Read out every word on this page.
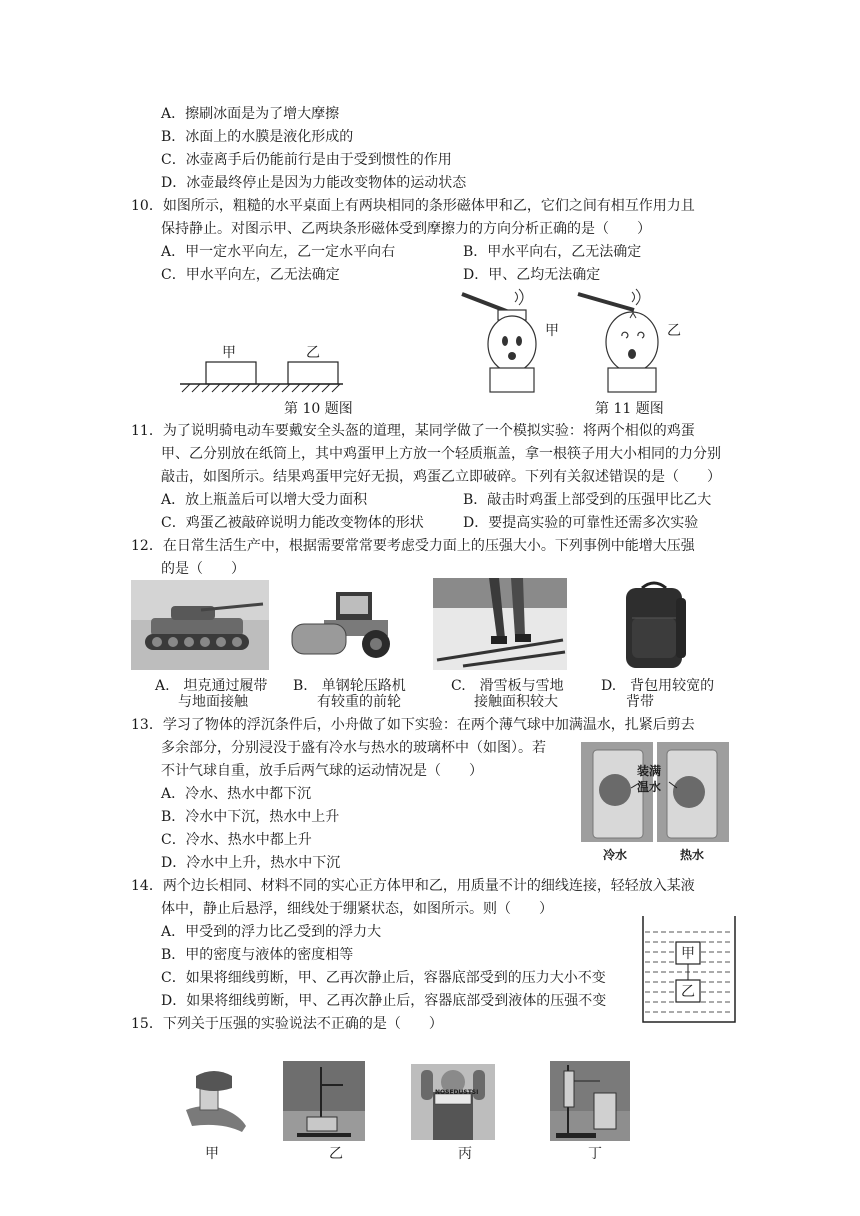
A．擦刷冰面是为了增大摩擦
B．冰面上的水膜是液化形成的
C．冰壶离手后仍能前行是由于受到惯性的作用
D．冰壶最终停止是因为力能改变物体的运动状态
10．如图所示，粗糙的水平桌面上有两块相同的条形磁体甲和乙，它们之间有相互作用力且
保持静止。对图示甲、乙两块条形磁体受到摩擦力的方向分析正确的是（　　）
A．甲一定水平向左，乙一定水平向右	B．甲水平向右，乙无法确定
C．甲水平向左，乙无法确定	D．甲、乙均无法确定
甲	乙
第 10 题图
甲	乙
第 11 题图
11．为了说明骑电动车要戴安全头盔的道理，某同学做了一个模拟实验：将两个相似的鸡蛋
甲、乙分别放在纸筒上，其中鸡蛋甲上方放一个轻质瓶盖，拿一根筷子用大小相同的力分别
敲击，如图所示。结果鸡蛋甲完好无损，鸡蛋乙立即破碎。下列有关叙述错误的是（　　）
A．放上瓶盖后可以增大受力面积	B．敲击时鸡蛋上部受到的压强甲比乙大
C．鸡蛋乙被敲碎说明力能改变物体的形状	D．要提高实验的可靠性还需多次实验
12．在日常生活生产中，根据需要常常要考虑受力面上的压强大小。下列事例中能增大压强
的是（　　）
A.　坦克通过履带
与地面接触
B.　单钢轮压路机
有较重的前轮
C.　滑雪板与雪地
接触面积较大
D.　背包用较宽的
背带
13．学习了物体的浮沉条件后，小舟做了如下实验：在两个薄气球中加满温水，扎紧后剪去
多余部分，分别浸没于盛有冷水与热水的玻璃杯中（如图）。若
不计气球自重，放手后两气球的运动情况是（　　）
A．冷水、热水中都下沉
B．冷水中下沉，热水中上升
C．冷水、热水中都上升
D．冷水中上升，热水中下沉
装满
温水
冷水	热水
14．两个边长相同、材料不同的实心正方体甲和乙，用质量不计的细线连接，轻轻放入某液
体中，静止后悬浮，细线处于绷紧状态，如图所示。则（　　）
A．甲受到的浮力比乙受到的浮力大
B．甲的密度与液体的密度相等
C．如果将细线剪断，甲、乙再次静止后，容器底部受到的压力大小不变
D．如果将细线剪断，甲、乙再次静止后，容器底部受到液体的压强不变
甲
乙
15．下列关于压强的实验说法不正确的是（　　）
NOSEDUSTSI
甲	乙	丙	丁
